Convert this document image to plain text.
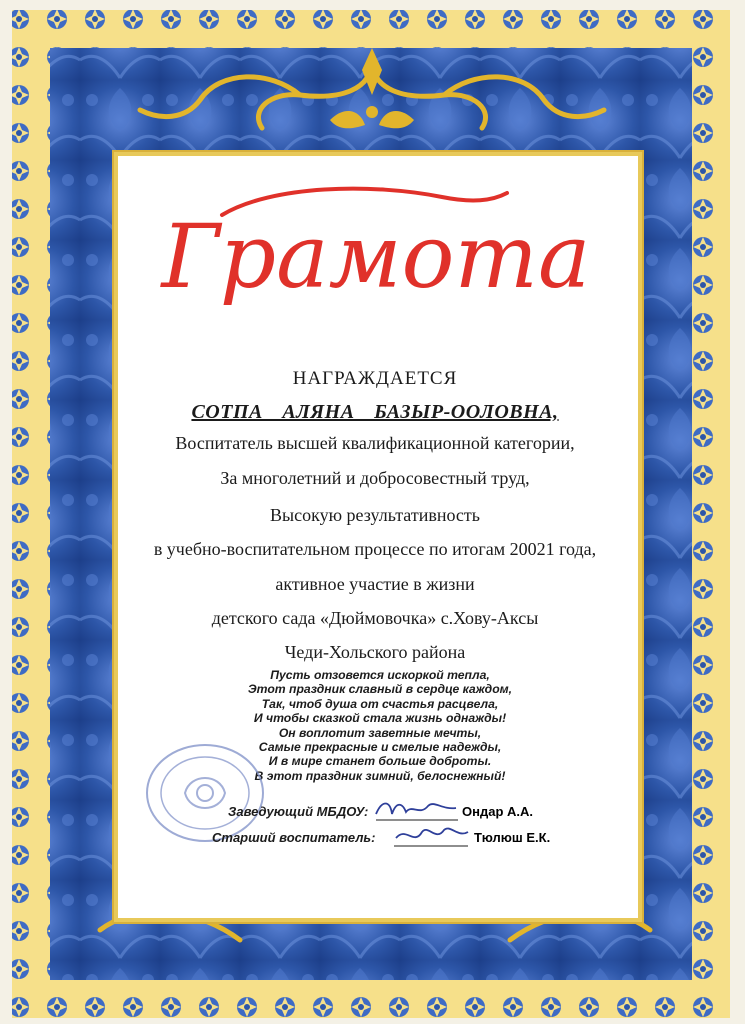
Грамота
НАГРАЖДАЕТСЯ
СОТПА АЛЯНА БАЗЫР-ООЛОВНА,
Воспитатель высшей квалификационной категории,
За многолетний и добросовестный труд,
Высокую результативность
в учебно-воспитательном процессе по итогам 20021 года,
активное участие в жизни
детского сада «Дюймовочка» с.Хову-Аксы
Чеди-Хольского района
Пусть отзовется искоркой тепла,
Этот праздник славный в сердце каждом,
Так, чтоб душа от счастья расцвела,
И чтобы сказкой стала жизнь однажды!
Он воплотит заветные мечты,
Самые прекрасные и смелые надежды,
И в мире станет больше доброты.
В этот праздник зимний, белоснежный!
Заведующий МБДОУ:	Ондар А.А.
Старший воспитатель:	Тюлюш Е.К.
